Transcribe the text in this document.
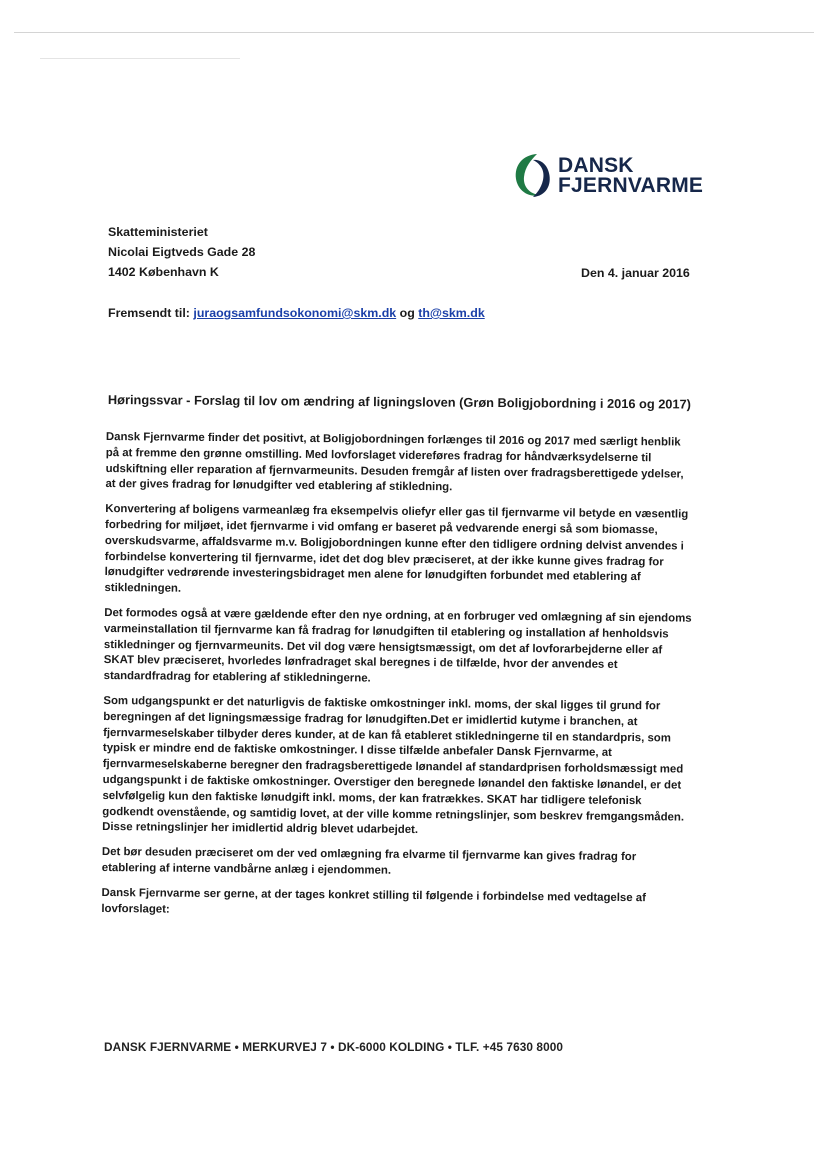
DANSK
FJERNVARME
Skatteministeriet
Nicolai Eigtveds Gade 28
1402 København K	Den 4. januar 2016
Fremsendt til: juraogsamfundsokonomi@skm.dk og th@skm.dk
Høringssvar - Forslag til lov om ændring af ligningsloven (Grøn Boligjobordning i 2016 og 2017)

Dansk Fjernvarme finder det positivt, at Boligjobordningen forlænges til 2016 og 2017 med særligt henblik på at fremme den grønne omstilling. Med lovforslaget videreføres fradrag for håndværksydelserne til udskiftning eller reparation af fjernvarmeunits. Desuden fremgår af listen over fradragsberettigede ydelser, at der gives fradrag for lønudgifter ved etablering af stikledning.

Konvertering af boligens varmeanlæg fra eksempelvis oliefyr eller gas til fjernvarme vil betyde en væsentlig forbedring for miljøet, idet fjernvarme i vid omfang er baseret på vedvarende energi så som biomasse, overskudsvarme, affaldsvarme m.v. Boligjobordningen kunne efter den tidligere ordning delvist anvendes i forbindelse konvertering til fjernvarme, idet det dog blev præciseret, at der ikke kunne gives fradrag for lønudgifter vedrørende investeringsbidraget men alene for lønudgiften forbundet med etablering af stikledningen.

Det formodes også at være gældende efter den nye ordning, at en forbruger ved omlægning af sin ejendoms varmeinstallation til fjernvarme kan få fradrag for lønudgiften til etablering og installation af henholdsvis stikledninger og fjernvarmeunits. Det vil dog være hensigtsmæssigt, om det af lovforarbejderne eller af SKAT blev præciseret, hvorledes lønfradraget skal beregnes i de tilfælde, hvor der anvendes et standardfradrag for etablering af stikledningerne.

Som udgangspunkt er det naturligvis de faktiske omkostninger inkl. moms, der skal ligges til grund for beregningen af det ligningsmæssige fradrag for lønudgiften.Det er imidlertid kutyme i branchen, at fjernvarmeselskaber tilbyder deres kunder, at de kan få etableret stikledningerne til en standardpris, som typisk er mindre end de faktiske omkostninger. I disse tilfælde anbefaler Dansk Fjernvarme, at fjernvarmeselskaberne beregner den fradragsberettigede lønandel af standardprisen forholdsmæssigt med udgangspunkt i de faktiske omkostninger. Overstiger den beregnede lønandel den faktiske lønandel, er det selvfølgelig kun den faktiske lønudgift inkl. moms, der kan fratrækkes. SKAT har tidligere telefonisk godkendt ovenstående, og samtidig lovet, at der ville komme retningslinjer, som beskrev fremgangsmåden. Disse retningslinjer her imidlertid aldrig blevet udarbejdet.

Det bør desuden præciseret om der ved omlægning fra elvarme til fjernvarme kan gives fradrag for etablering af interne vandbårne anlæg i ejendommen.

Dansk Fjernvarme ser gerne, at der tages konkret stilling til følgende i forbindelse med vedtagelse af lovforslaget:

DANSK FJERNVARME • MERKURVEJ 7 • DK-6000 KOLDING • TLF. +45 7630 8000
